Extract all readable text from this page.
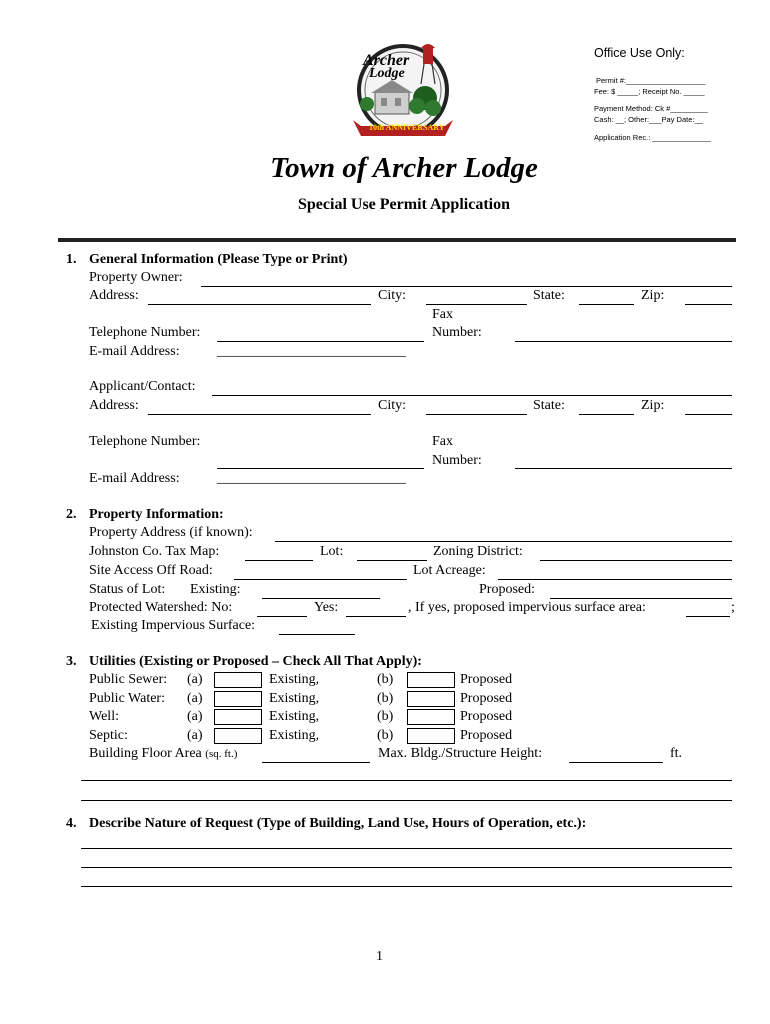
Office Use Only:
Permit #:___________________
Fee: $ _____; Receipt No. _____
Payment Method: Ck #_________
Cash: __; Other:___Pay Date:__
Application Rec.: ______________
Archer
Lodge
10th ANNIVERSARY
Town of Archer Lodge
Special Use Permit Application
1. General Information (Please Type or Print)
Property Owner:
Address:	City:	State:	Zip:
Fax
Telephone Number:	Number:
E-mail Address:	___________________________
Applicant/Contact:
Address:	City:	State:	Zip:
Telephone Number:	Fax
Number:
E-mail Address:	___________________________
2. Property Information:
Property Address (if known):
Johnston Co. Tax Map:	Lot:	Zoning District:
Site Access Off Road:	Lot Acreage:
Status of Lot: Existing:	Proposed:
Protected Watershed: No:	Yes:	, If yes, proposed impervious surface area:	;
Existing Impervious Surface:
3. Utilities (Existing or Proposed – Check All That Apply):
Public Sewer: (a)	Existing,	(b)	Proposed
Public Water: (a)	Existing,	(b)	Proposed
Well:	(a)	Existing,	(b)	Proposed
Septic:	(a)	Existing,	(b)	Proposed
Building Floor Area (sq. ft.)	Max. Bldg./Structure Height:	ft.
4. Describe Nature of Request (Type of Building, Land Use, Hours of Operation, etc.):
1
